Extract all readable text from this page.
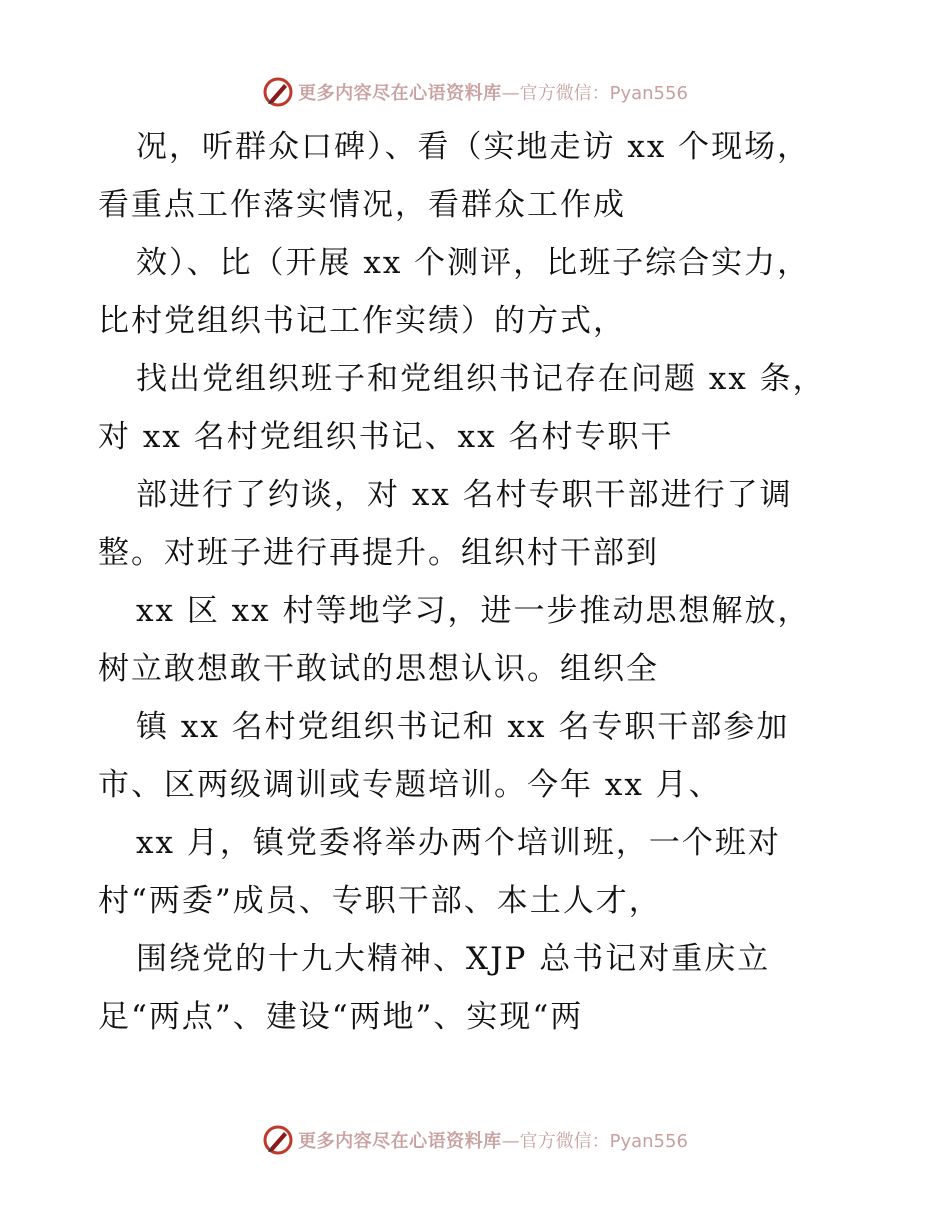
更多内容尽在心语资料库 —官方微信：Pyan556
况，听群众口碑）、看（实地走访 xx 个现场，
看重点工作落实情况，看群众工作成
效）、比（开展 xx 个测评，比班子综合实力，
比村党组织书记工作实绩）的方式，
找出党组织班子和党组织书记存在问题 xx 条，
对 xx 名村党组织书记、xx 名村专职干
部进行了约谈，对 xx 名村专职干部进行了调
整。对班子进行再提升。组织村干部到
xx 区 xx 村等地学习，进一步推动思想解放，
树立敢想敢干敢试的思想认识。组织全
镇 xx 名村党组织书记和 xx 名专职干部参加
市、区两级调训或专题培训。今年 xx 月、
xx 月，镇党委将举办两个培训班，一个班对
村“两委”成员、专职干部、本土人才，
围绕党的十九大精神、XJP 总书记对重庆立
足“两点”、建设“两地”、实现“两
更多内容尽在心语资料库 —官方微信：Pyan556
